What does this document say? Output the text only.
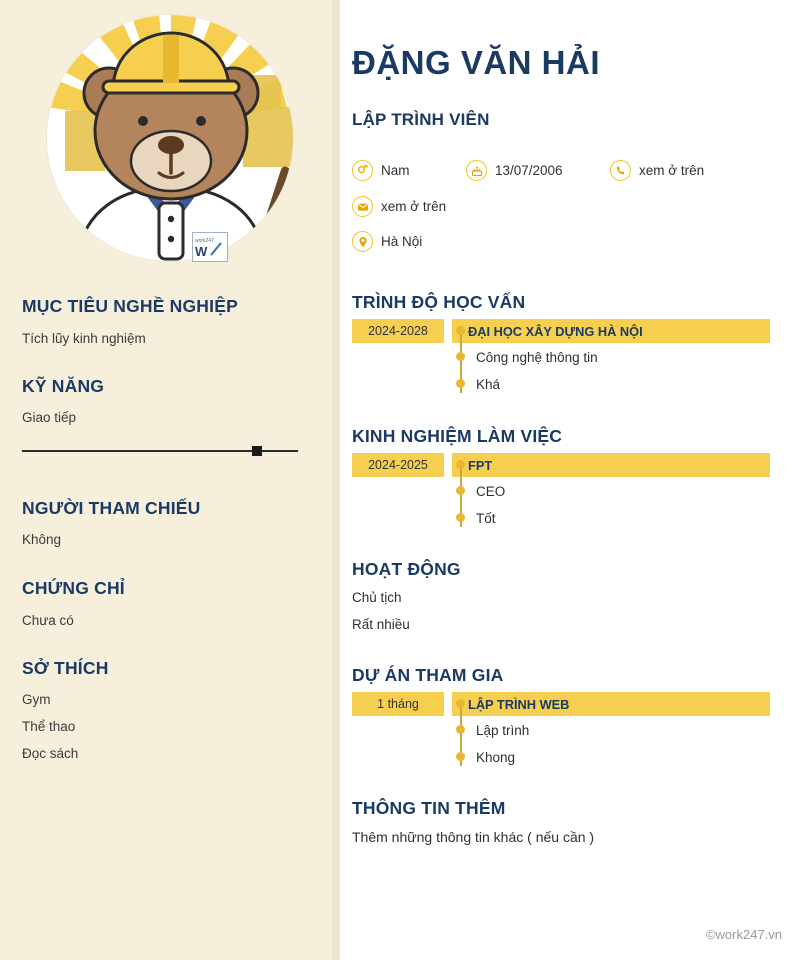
work247
W
MỤC TIÊU NGHỀ NGHIỆP
Tích lũy kinh nghiệm
KỸ NĂNG
Giao tiếp
NGƯỜI THAM CHIẾU
Không
CHỨNG CHỈ
Chưa có
SỞ THÍCH
Gym
Thể thao
Đọc sách
ĐẶNG VĂN HẢI
LẬP TRÌNH VIÊN
Nam	13/07/2006	xem ở trên
xem ở trên
Hà Nội
TRÌNH ĐỘ HỌC VẤN
2024-2028	ĐẠI HỌC XÂY DỰNG HÀ NỘI
Công nghệ thông tin
Khá
KINH NGHIỆM LÀM VIỆC
2024-2025	FPT
CEO
Tốt
HOẠT ĐỘNG
Chủ tịch
Rất nhiều
DỰ ÁN THAM GIA
1 tháng	LẬP TRÌNH WEB
Lập trình
Khong
THÔNG TIN THÊM
Thêm những thông tin khác ( nếu cần )
©work247.vn
